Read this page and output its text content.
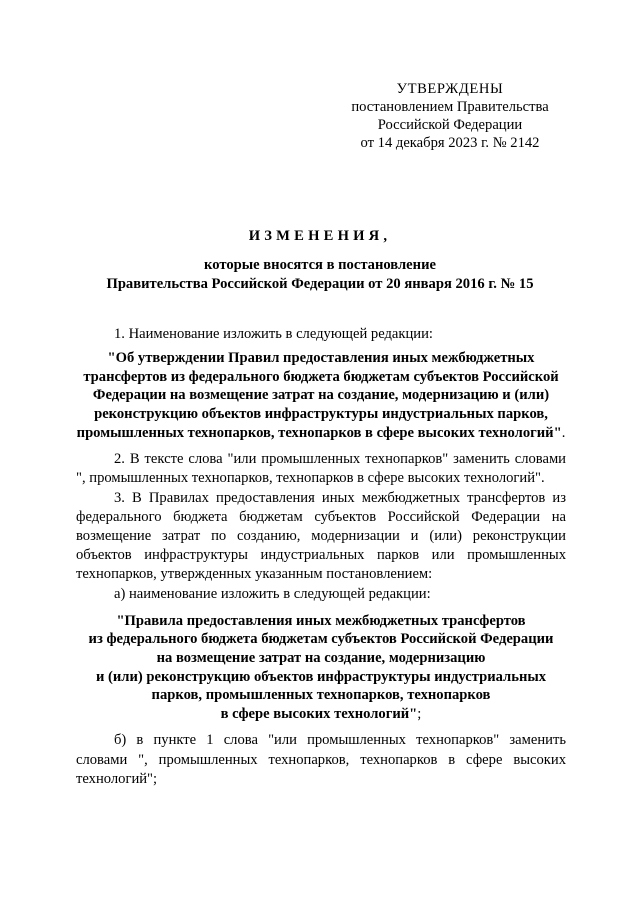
УТВЕРЖДЕНЫ
постановлением Правительства
Российской Федерации
от 14 декабря 2023 г. № 2142
ИЗМЕНЕНИЯ,
которые вносятся в постановление
Правительства Российской Федерации от 20 января 2016 г. № 15

1. Наименование изложить в следующей редакции:

"Об утверждении Правил предоставления иных межбюджетных трансфертов из федерального бюджета бюджетам субъектов Российской Федерации на возмещение затрат на создание, модернизацию и (или) реконструкцию объектов инфраструктуры индустриальных парков, промышленных технопарков, технопарков в сфере высоких технологий".

2. В тексте слова "или промышленных технопарков" заменить словами ", промышленных технопарков, технопарков в сфере высоких технологий".

3. В Правилах предоставления иных межбюджетных трансфертов из федерального бюджета бюджетам субъектов Российской Федерации на возмещение затрат по созданию, модернизации и (или) реконструкции объектов инфраструктуры индустриальных парков или промышленных технопарков, утвержденных указанным постановлением:

а) наименование изложить в следующей редакции:

"Правила предоставления иных межбюджетных трансфертов
из федерального бюджета бюджетам субъектов Российской Федерации
на возмещение затрат на создание, модернизацию
и (или) реконструкцию объектов инфраструктуры индустриальных
парков, промышленных технопарков, технопарков
в сфере высоких технологий";

б) в пункте 1 слова "или промышленных технопарков" заменить словами ", промышленных технопарков, технопарков в сфере высоких технологий";
